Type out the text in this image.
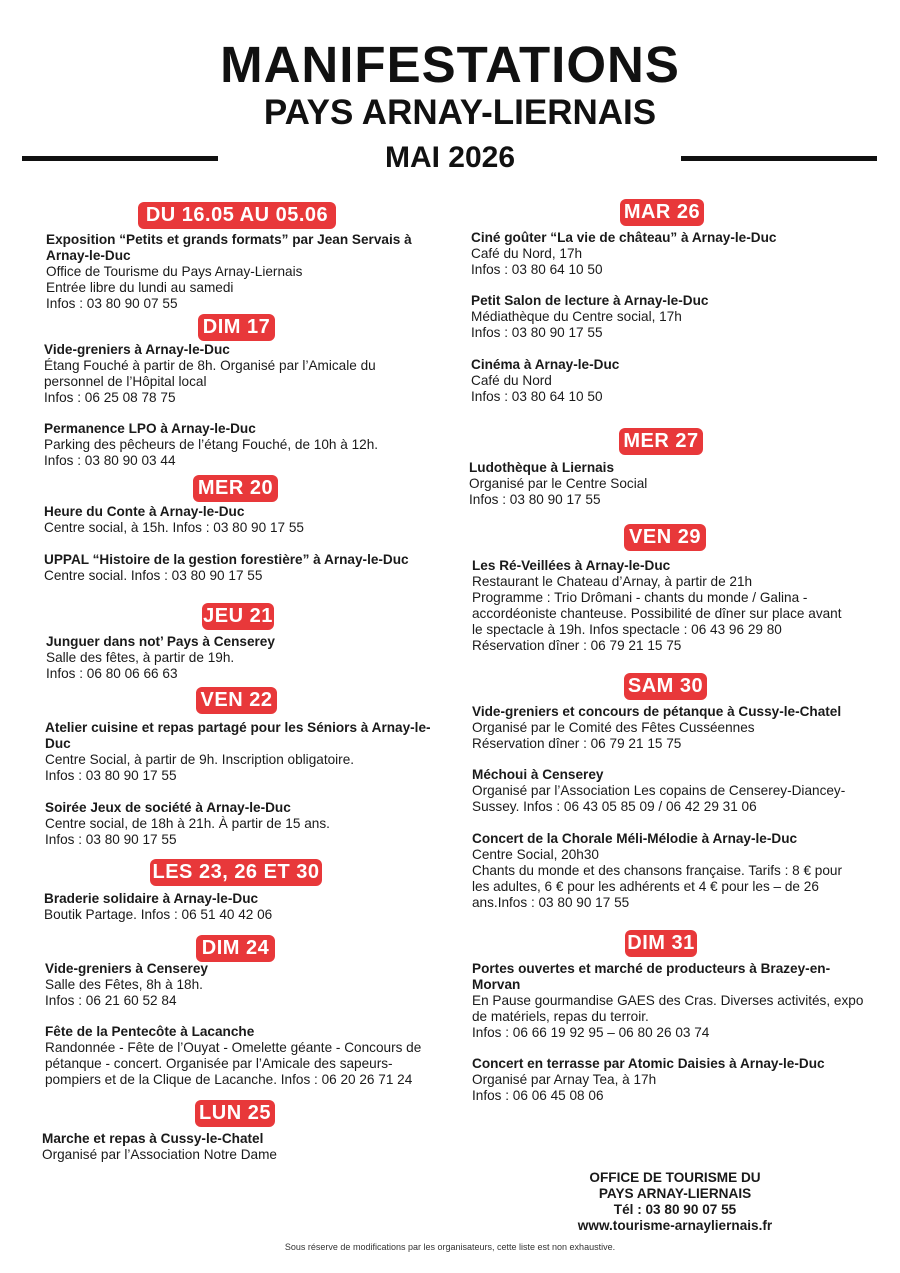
MANIFESTATIONS
PAYS ARNAY-LIERNAIS
MAI 2026
DU 16.05 AU 05.06
Exposition “Petits et grands formats” par Jean Servais à
Arnay-le-Duc
Office de Tourisme du Pays Arnay-Liernais
Entrée libre du lundi au samedi
Infos : 03 80 90 07 55
DIM 17
Vide-greniers à Arnay-le-Duc
Étang Fouché à partir de 8h. Organisé par l’Amicale du
personnel de l’Hôpital local
Infos : 06 25 08 78 75
Permanence LPO à Arnay-le-Duc
Parking des pêcheurs de l’étang Fouché, de 10h à 12h.
Infos : 03 80 90 03 44
MER 20
Heure du Conte à Arnay-le-Duc
Centre social, à 15h. Infos : 03 80 90 17 55
UPPAL “Histoire de la gestion forestière” à Arnay-le-Duc
Centre social. Infos : 03 80 90 17 55
JEU 21
Junguer dans not’ Pays à Censerey
Salle des fêtes, à partir de 19h.
Infos : 06 80 06 66 63
VEN 22
Atelier cuisine et repas partagé pour les Séniors à Arnay-le-
Duc
Centre Social, à partir de 9h. Inscription obligatoire.
Infos : 03 80 90 17 55
Soirée Jeux de société à Arnay-le-Duc
Centre social, de 18h à 21h. À partir de 15 ans.
Infos : 03 80 90 17 55
LES 23, 26 ET 30
Braderie solidaire à Arnay-le-Duc
Boutik Partage. Infos : 06 51 40 42 06
DIM 24
Vide-greniers à Censerey
Salle des Fêtes, 8h à 18h.
Infos : 06 21 60 52 84
Fête de la Pentecôte à Lacanche
Randonnée - Fête de l’Ouyat - Omelette géante - Concours de
pétanque - concert. Organisée par l’Amicale des sapeurs-
pompiers et de la Clique de Lacanche. Infos : 06 20 26 71 24
LUN 25
Marche et repas à Cussy-le-Chatel
Organisé par l’Association Notre Dame
MAR 26
Ciné goûter “La vie de château” à Arnay-le-Duc
Café du Nord, 17h
Infos : 03 80 64 10 50
Petit Salon de lecture à Arnay-le-Duc
Médiathèque du Centre social, 17h
Infos : 03 80 90 17 55
Cinéma à Arnay-le-Duc
Café du Nord
Infos : 03 80 64 10 50
MER 27
Ludothèque à Liernais
Organisé par le Centre Social
Infos : 03 80 90 17 55
VEN 29
Les Ré-Veillées à Arnay-le-Duc
Restaurant le Chateau d’Arnay, à partir de 21h
Programme : Trio Drômani - chants du monde / Galina -
accordéoniste chanteuse. Possibilité de dîner sur place avant
le spectacle à 19h. Infos spectacle : 06 43 96 29 80
Réservation dîner : 06 79 21 15 75
SAM 30
Vide-greniers et concours de pétanque à Cussy-le-Chatel
Organisé par le Comité des Fêtes Cusséennes
Réservation dîner : 06 79 21 15 75
Méchoui à Censerey
Organisé par l’Association Les copains de Censerey-Diancey-
Sussey. Infos : 06 43 05 85 09 / 06 42 29 31 06
Concert de la Chorale Méli-Mélodie à Arnay-le-Duc
Centre Social, 20h30
Chants du monde et des chansons française. Tarifs : 8 € pour
les adultes, 6 € pour les adhérents et 4 € pour les – de 26
ans.Infos : 03 80 90 17 55
DIM 31
Portes ouvertes et marché de producteurs à Brazey-en-
Morvan
En Pause gourmandise GAES des Cras. Diverses activités, expo
de matériels, repas du terroir.
Infos : 06 66 19 92 95 – 06 80 26 03 74
Concert en terrasse par Atomic Daisies à Arnay-le-Duc
Organisé par Arnay Tea, à 17h
Infos : 06 06 45 08 06
OFFICE DE TOURISME DU
PAYS ARNAY-LIERNAIS
Tél : 03 80 90 07 55
www.tourisme-arnayliernais.fr
Sous réserve de modifications par les organisateurs, cette liste est non exhaustive.
